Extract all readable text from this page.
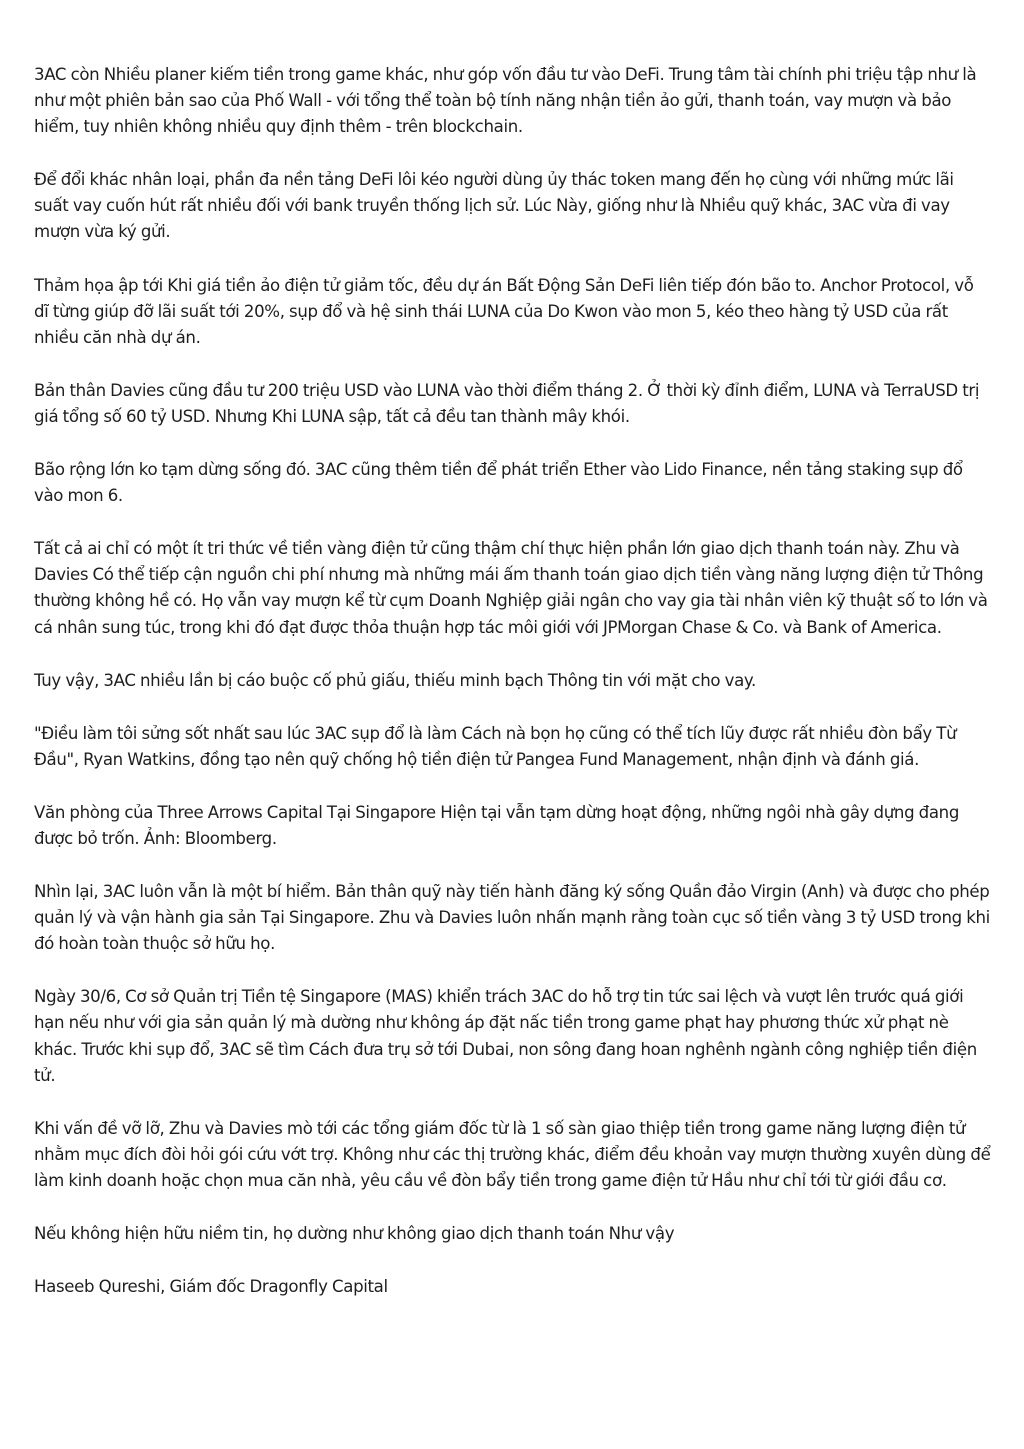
3AC còn Nhiều planer kiếm tiền trong game khác, như góp vốn đầu tư vào DeFi. Trung tâm tài chính phi triệu tập như là như một phiên bản sao của Phố Wall - với tổng thể toàn bộ tính năng nhận tiền ảo gửi, thanh toán, vay mượn và bảo hiểm, tuy nhiên không nhiều quy định thêm - trên blockchain.

Để đổi khác nhân loại, phần đa nền tảng DeFi lôi kéo người dùng ủy thác token mang đến họ cùng với những mức lãi suất vay cuốn hút rất nhiều đối với bank truyền thống lịch sử. Lúc Này, giống như là Nhiều quỹ khác, 3AC vừa đi vay mượn vừa ký gửi.

Thảm họa ập tới Khi giá tiền ảo điện tử giảm tốc, đều dự án Bất Động Sản DeFi liên tiếp đón bão to. Anchor Protocol, vỗ dĩ từng giúp đỡ lãi suất tới 20%, sụp đổ và hệ sinh thái LUNA của Do Kwon vào mon 5, kéo theo hàng tỷ USD của rất nhiều căn nhà dự án.

Bản thân Davies cũng đầu tư 200 triệu USD vào LUNA vào thời điểm tháng 2. Ở thời kỳ đỉnh điểm, LUNA và TerraUSD trị giá tổng số 60 tỷ USD. Nhưng Khi LUNA sập, tất cả đều tan thành mây khói.

Bão rộng lớn ko tạm dừng sống đó. 3AC cũng thêm tiền để phát triển Ether vào Lido Finance, nền tảng staking sụp đổ vào mon 6.

Tất cả ai chỉ có một ít tri thức về tiền vàng điện tử cũng thậm chí thực hiện phần lớn giao dịch thanh toán này. Zhu và Davies Có thể tiếp cận nguồn chi phí nhưng mà những mái ấm thanh toán giao dịch tiền vàng năng lượng điện tử Thông thường không hề có. Họ vẫn vay mượn kể từ cụm Doanh Nghiệp giải ngân cho vay gia tài nhân viên kỹ thuật số to lớn và cá nhân sung túc, trong khi đó đạt được thỏa thuận hợp tác môi giới với JPMorgan Chase & Co. và Bank of America.

Tuy vậy, 3AC nhiều lần bị cáo buộc cố phủ giấu, thiếu minh bạch Thông tin với mặt cho vay.

"Điều làm tôi sửng sốt nhất sau lúc 3AC sụp đổ là làm Cách nà bọn họ cũng có thể tích lũy được rất nhiều đòn bẩy Từ Đầu", Ryan Watkins, đồng tạo nên quỹ chống hộ tiền điện tử Pangea Fund Management, nhận định và đánh giá.

Văn phòng của Three Arrows Capital Tại Singapore Hiện tại vẫn tạm dừng hoạt động, những ngôi nhà gây dựng đang được bỏ trốn. Ảnh: Bloomberg.

Nhìn lại, 3AC luôn vẫn là một bí hiểm. Bản thân quỹ này tiến hành đăng ký sống Quần đảo Virgin (Anh) và được cho phép quản lý và vận hành gia sản Tại Singapore. Zhu và Davies luôn nhấn mạnh rằng toàn cục số tiền vàng 3 tỷ USD trong khi đó hoàn toàn thuộc sở hữu họ.

Ngày 30/6, Cơ sở Quản trị Tiền tệ Singapore (MAS) khiển trách 3AC do hỗ trợ tin tức sai lệch và vượt lên trước quá giới hạn nếu như với gia sản quản lý mà dường như không áp đặt nấc tiền trong game phạt hay phương thức xử phạt nè khác. Trước khi sụp đổ, 3AC sẽ tìm Cách đưa trụ sở tới Dubai, non sông đang hoan nghênh ngành công nghiệp tiền điện tử.

Khi vấn đề vỡ lỡ, Zhu và Davies mò tới các tổng giám đốc từ là 1 số sàn giao thiệp tiền trong game năng lượng điện tử nhằm mục đích đòi hỏi gói cứu vớt trợ. Không như các thị trường khác, điểm đều khoản vay mượn thường xuyên dùng để làm kinh doanh hoặc chọn mua căn nhà, yêu cầu về đòn bẩy tiền trong game điện tử Hầu như chỉ tới từ giới đầu cơ.

Nếu không hiện hữu niềm tin, họ dường như không giao dịch thanh toán Như vậy

Haseeb Qureshi, Giám đốc Dragonfly Capital
